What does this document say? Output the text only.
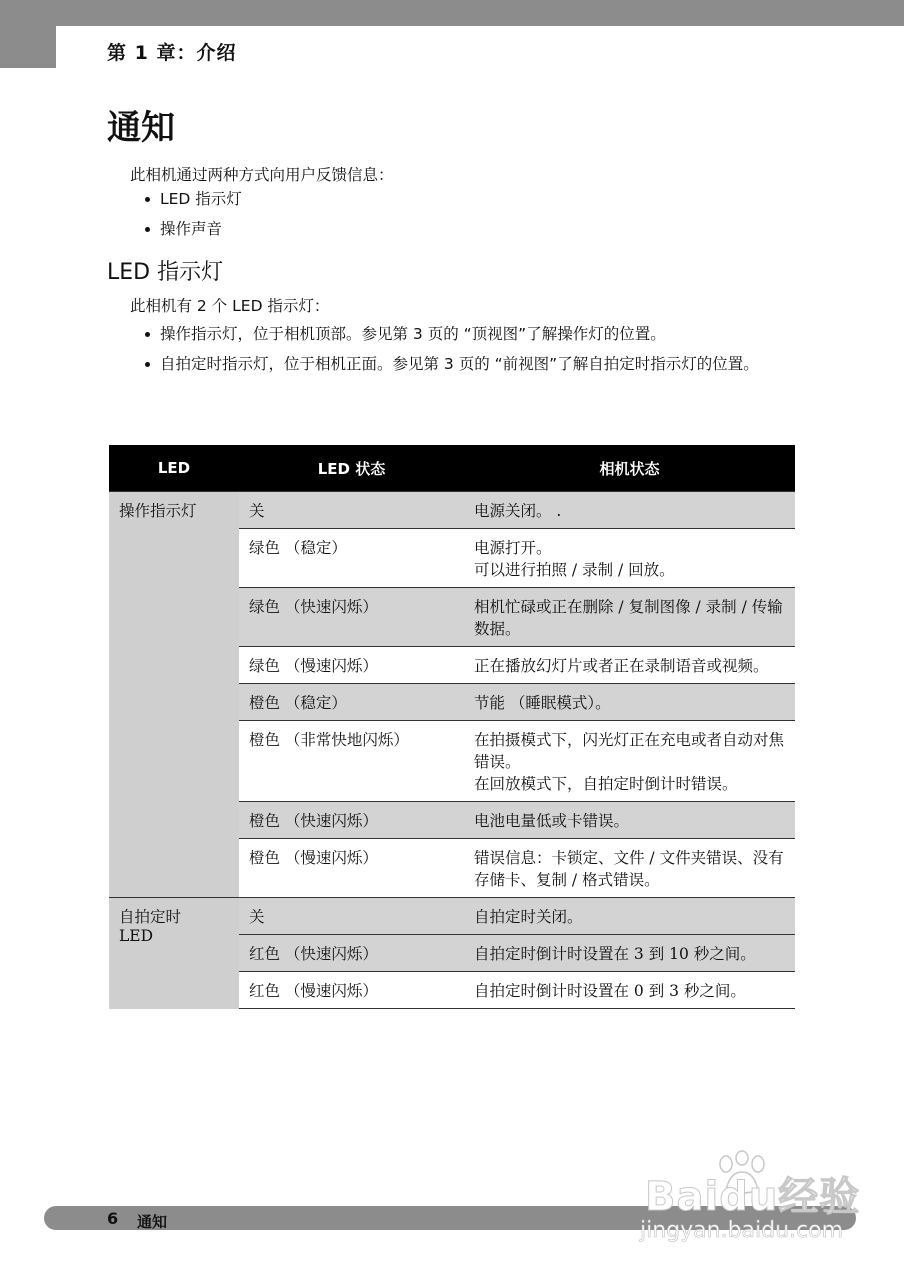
第 1 章：介绍
通知
此相机通过两种方式向用户反馈信息：
LED 指示灯
操作声音
LED 指示灯
此相机有 2 个 LED 指示灯：
操作指示灯，位于相机顶部。参见第 3 页的 “顶视图”了解操作灯的位置。
自拍定时指示灯，位于相机正面。参见第 3 页的 “前视图”了解自拍定时指示灯的位置。
LED	LED 状态	相机状态
操作指示灯	关	电源关闭。 .
	绿色 （稳定）	电源打开。
可以进行拍照 / 录制 / 回放。

	绿色 （快速闪烁）	相机忙碌或正在删除 / 复制图像 / 录制 / 传输数据。
	绿色 （慢速闪烁）	正在播放幻灯片或者正在录制语音或视频。
	橙色 （稳定）	节能 （睡眠模式）。
	橙色 （非常快地闪烁）	在拍摄模式下，闪光灯正在充电或者自动对焦错误。
在回放模式下，自拍定时倒计时错误。

	橙色 （快速闪烁）	电池电量低或卡错误。
	橙色 （慢速闪烁）	错误信息：卡锁定、文件 / 文件夹错误、没有存储卡、复制 / 格式错误。

自拍定时
LED	关	自拍定时关闭。
	红色 （快速闪烁）	自拍定时倒计时设置在 3 到 10 秒之间。
	红色 （慢速闪烁）	自拍定时倒计时设置在 0 到 3 秒之间。
6 通知
Baidu经验
jingyan.baidu.com
